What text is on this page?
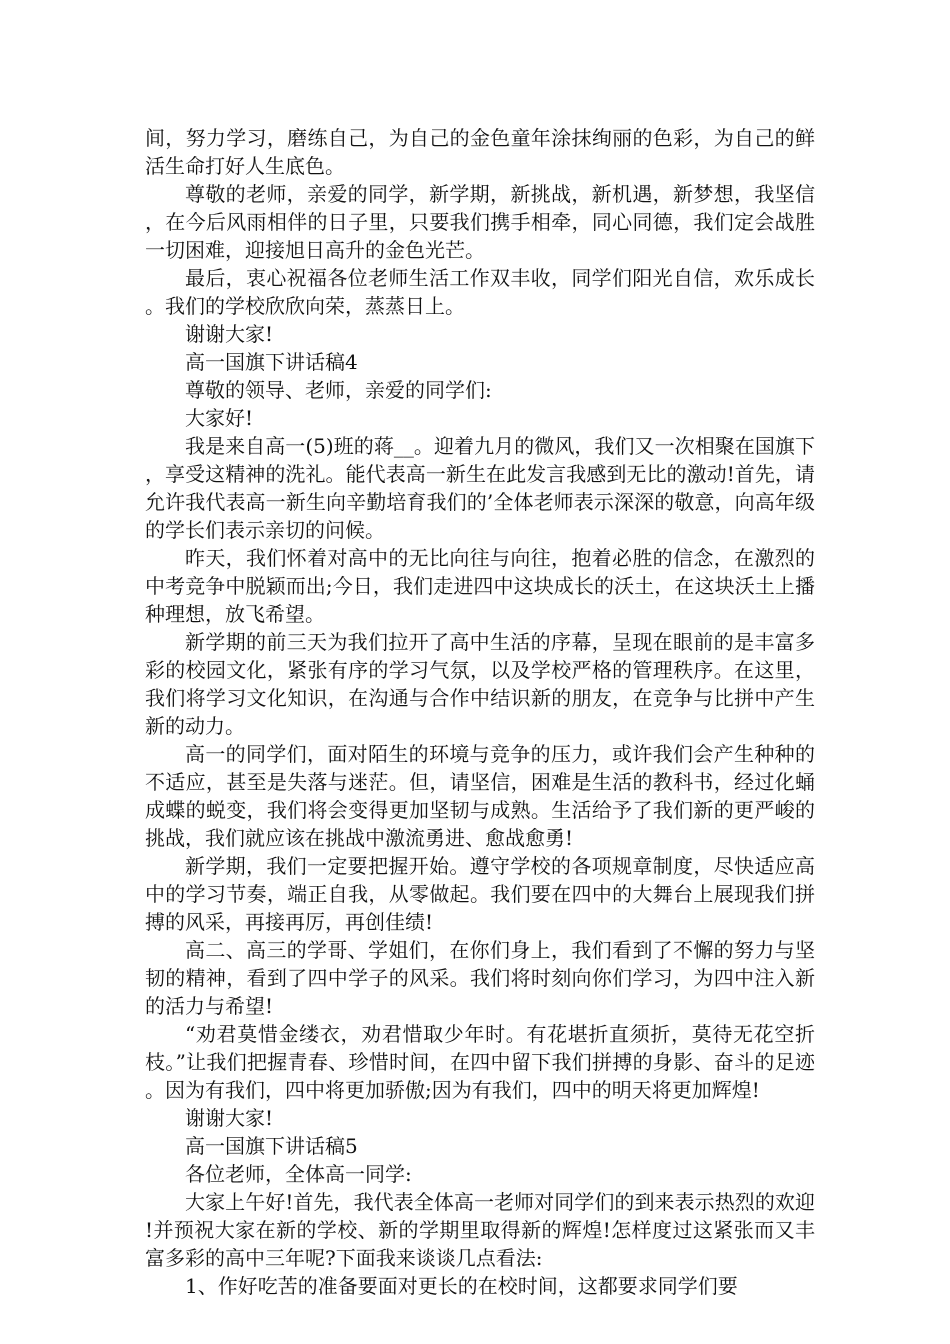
间，努力学习，磨练自己，为自己的金色童年涂抹绚丽的色彩，为自己的鲜活生命打好人生底色。

尊敬的老师，亲爱的同学，新学期，新挑战，新机遇，新梦想，我坚信，在今后风雨相伴的日子里，只要我们携手相牵，同心同德，我们定会战胜一切困难，迎接旭日高升的金色光芒。

最后，衷心祝福各位老师生活工作双丰收，同学们阳光自信，欢乐成长。我们的学校欣欣向荣，蒸蒸日上。

谢谢大家!

高一国旗下讲话稿4

尊敬的领导、老师，亲爱的同学们:

大家好!

我是来自高一(5)班的蒋__。迎着九月的微风，我们又一次相聚在国旗下，享受这精神的洗礼。能代表高一新生在此发言我感到无比的激动!首先，请允许我代表高一新生向辛勤培育我们的’全体老师表示深深的敬意，向高年级的学长们表示亲切的问候。

昨天，我们怀着对高中的无比向往与向往，抱着必胜的信念，在激烈的中考竞争中脱颖而出;今日，我们走进四中这块成长的沃土，在这块沃土上播种理想，放飞希望。

新学期的前三天为我们拉开了高中生活的序幕，呈现在眼前的是丰富多彩的校园文化，紧张有序的学习气氛，以及学校严格的管理秩序。在这里，我们将学习文化知识，在沟通与合作中结识新的朋友，在竞争与比拼中产生新的动力。

高一的同学们，面对陌生的环境与竞争的压力，或许我们会产生种种的不适应，甚至是失落与迷茫。但，请坚信，困难是生活的教科书，经过化蛹成蝶的蜕变，我们将会变得更加坚韧与成熟。生活给予了我们新的更严峻的挑战，我们就应该在挑战中激流勇进、愈战愈勇!

新学期，我们一定要把握开始。遵守学校的各项规章制度，尽快适应高中的学习节奏，端正自我，从零做起。我们要在四中的大舞台上展现我们拼搏的风采，再接再厉，再创佳绩!

高二、高三的学哥、学姐们，在你们身上，我们看到了不懈的努力与坚韧的精神，看到了四中学子的风采。我们将时刻向你们学习，为四中注入新的活力与希望!

“劝君莫惜金缕衣，劝君惜取少年时。有花堪折直须折，莫待无花空折枝。”让我们把握青春、珍惜时间，在四中留下我们拼搏的身影、奋斗的足迹。因为有我们，四中将更加骄傲;因为有我们，四中的明天将更加辉煌!

谢谢大家!

高一国旗下讲话稿5

各位老师，全体高一同学:

大家上午好!首先，我代表全体高一老师对同学们的到来表示热烈的欢迎!并预祝大家在新的学校、新的学期里取得新的辉煌!怎样度过这紧张而又丰富多彩的高中三年呢?下面我来谈谈几点看法:

1、作好吃苦的准备要面对更长的在校时间，这都要求同学们要
